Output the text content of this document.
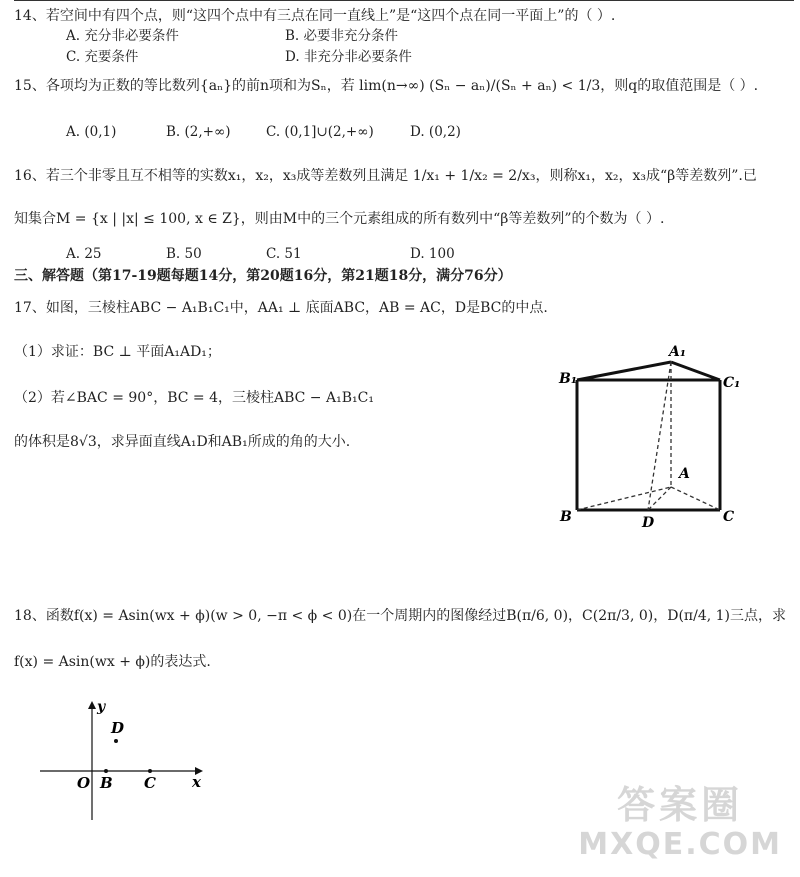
14、若空间中有四个点，则“这四个点中有三点在同一直线上”是“这四个点在同一平面上”的（ ）.
A. 充分非必要条件	B. 必要非充分条件
C. 充要条件	D. 非充分非必要条件
15、各项均为正数的等比数列{aₙ}的前n项和为Sₙ，若 lim(n→∞) (Sₙ − aₙ)/(Sₙ + aₙ) < 1/3，则q的取值范围是（ ）.
A. (0,1)	B. (2,+∞)	C. (0,1]∪(2,+∞)	D. (0,2)
16、若三个非零且互不相等的实数x₁，x₂，x₃成等差数列且满足 1/x₁ + 1/x₂ = 2/x₃，则称x₁，x₂，x₃成“β等差数列”.已
知集合M = {x | |x| ≤ 100, x ∈ Z}，则由M中的三个元素组成的所有数列中“β等差数列”的个数为（ ）.
A. 25	B. 50	C. 51	D. 100
三、解答题（第17-19题每题14分，第20题16分，第21题18分，满分76分）
17、如图，三棱柱ABC − A₁B₁C₁中，AA₁ ⊥ 底面ABC，AB = AC，D是BC的中点.
（1）求证：BC ⊥ 平面A₁AD₁；
（2）若∠BAC = 90°，BC = 4，三棱柱ABC − A₁B₁C₁
的体积是8√3，求异面直线A₁D和AB₁所成的角的大小.
A₁
B₁	C₁
A
B	C
D
18、函数f(x) = Asin(wx + ϕ)(w > 0, −π < ϕ < 0)在一个周期内的图像经过B(π/6, 0)，C(2π/3, 0)，D(π/4, 1)三点，求
f(x) = Asin(wx + ϕ)的表达式.
y
x
O B C
D
答案圈
MXQE.COM
